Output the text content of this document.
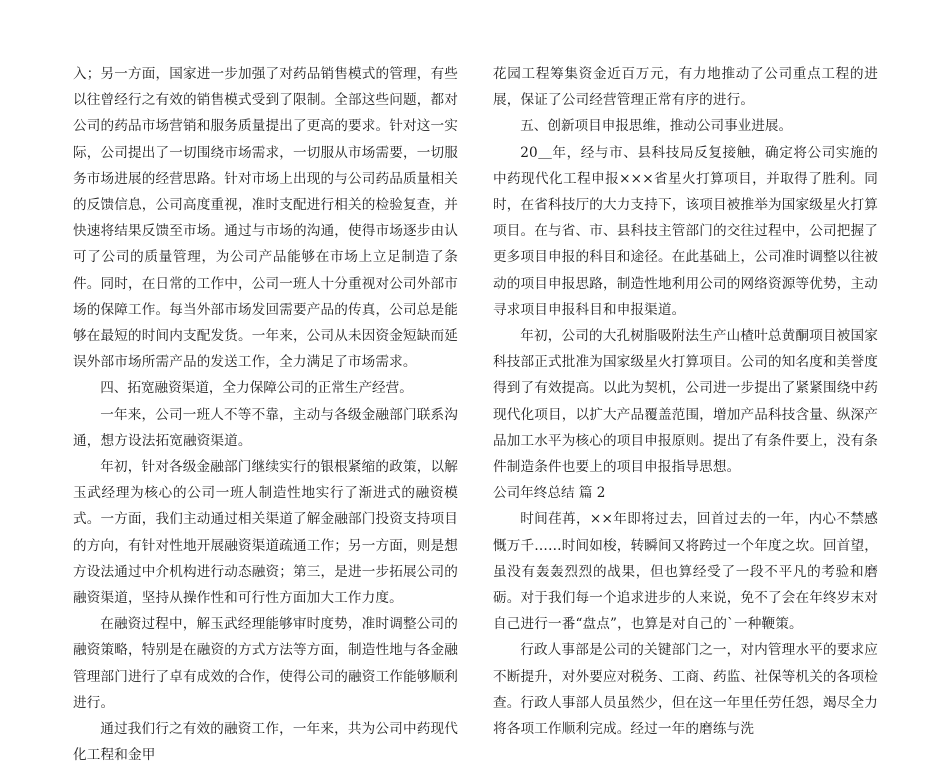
入；另一方面，国家进一步加强了对药品销售模式的管理，有些以往曾经行之有效的销售模式受到了限制。全部这些问题，都对公司的药品市场营销和服务质量提出了更高的要求。针对这一实际，公司提出了一切围绕市场需求，一切服从市场需要，一切服务市场进展的经营思路。针对市场上出现的与公司药品质量相关的反馈信息，公司高度重视，准时支配进行相关的检验复查，并快速将结果反馈至市场。通过与市场的沟通，使得市场逐步由认可了公司的质量管理，为公司产品能够在市场上立足制造了条件。同时，在日常的工作中，公司一班人十分重视对公司外部市场的保障工作。每当外部市场发回需要产品的传真，公司总是能够在最短的时间内支配发货。一年来，公司从未因资金短缺而延误外部市场所需产品的发送工作，全力满足了市场需求。

四、拓宽融资渠道，全力保障公司的正常生产经营。

一年来，公司一班人不等不靠，主动与各级金融部门联系沟通，想方设法拓宽融资渠道。

年初，针对各级金融部门继续实行的银根紧缩的政策，以解玉武经理为核心的公司一班人制造性地实行了渐进式的融资模式。一方面，我们主动通过相关渠道了解金融部门投资支持项目的方向，有针对性地开展融资渠道疏通工作；另一方面，则是想方设法通过中介机构进行动态融资；第三，是进一步拓展公司的融资渠道，坚持从操作性和可行性方面加大工作力度。

在融资过程中，解玉武经理能够审时度势，准时调整公司的融资策略，特别是在融资的方式方法等方面，制造性地与各金融管理部门进行了卓有成效的合作，使得公司的融资工作能够顺利进行。

通过我们行之有效的融资工作，一年来，共为公司中药现代化工程和金甲

花园工程筹集资金近百万元，有力地推动了公司重点工程的进展，保证了公司经营管理正常有序的进行。

五、创新项目申报思维，推动公司事业进展。

20＿年，经与市、县科技局反复接触，确定将公司实施的中药现代化工程申报×××省星火打算项目，并取得了胜利。同时，在省科技厅的大力支持下，该项目被推举为国家级星火打算项目。在与省、市、县科技主管部门的交往过程中，公司把握了更多项目申报的科目和途径。在此基础上，公司准时调整以往被动的项目申报思路，制造性地利用公司的网络资源等优势，主动寻求项目申报科目和申报渠道。

年初，公司的大孔树脂吸附法生产山楂叶总黄酮项目被国家科技部正式批准为国家级星火打算项目。公司的知名度和美誉度得到了有效提高。以此为契机，公司进一步提出了紧紧围绕中药现代化项目，以扩大产品覆盖范围，增加产品科技含量、纵深产品加工水平为核心的项目申报原则。提出了有条件要上，没有条件制造条件也要上的项目申报指导思想。

公司年终总结 篇 2

时间荏苒，××年即将过去，回首过去的一年，内心不禁感慨万千……时间如梭，转瞬间又将跨过一个年度之坎。回首望，虽没有轰轰烈烈的战果，但也算经受了一段不平凡的考验和磨砺。对于我们每一个追求进步的人来说，免不了会在年终岁末对自己进行一番“盘点”，也算是对自己的`一种鞭策。

行政人事部是公司的关键部门之一，对内管理水平的要求应不断提升，对外要应对税务、工商、药监、社保等机关的各项检查。行政人事部人员虽然少，但在这一年里任劳任怨，竭尽全力将各项工作顺利完成。经过一年的磨练与洗
